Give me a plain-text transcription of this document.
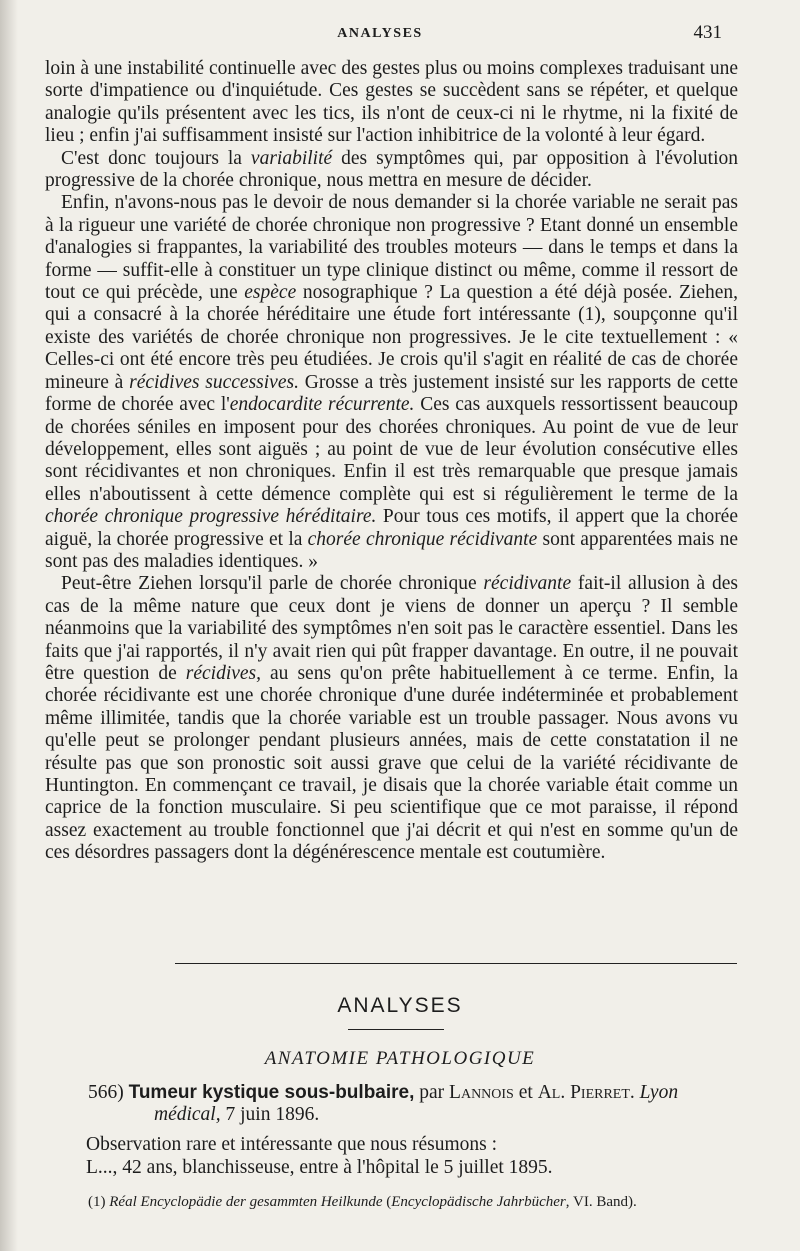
ANALYSES	431

loin à une instabilité continuelle avec des gestes plus ou moins complexes traduisant une sorte d'impatience ou d'inquiétude. Ces gestes se succèdent sans se répéter, et quelque analogie qu'ils présentent avec les tics, ils n'ont de ceux-ci ni le rhytme, ni la fixité de lieu ; enfin j'ai suffisamment insisté sur l'action inhibitrice de la volonté à leur égard.

C'est donc toujours la variabilité des symptômes qui, par opposition à l'évolution progressive de la chorée chronique, nous mettra en mesure de décider.

Enfin, n'avons-nous pas le devoir de nous demander si la chorée variable ne serait pas à la rigueur une variété de chorée chronique non progressive ? Etant donné un ensemble d'analogies si frappantes, la variabilité des troubles moteurs — dans le temps et dans la forme — suffit-elle à constituer un type clinique distinct ou même, comme il ressort de tout ce qui précède, une espèce nosographique ? La question a été déjà posée. Ziehen, qui a consacré à la chorée héréditaire une étude fort intéressante (1), soupçonne qu'il existe des variétés de chorée chronique non progressives. Je le cite textuellement : « Celles-ci ont été encore très peu étudiées. Je crois qu'il s'agit en réalité de cas de chorée mineure à récidives successives. Grosse a très justement insisté sur les rapports de cette forme de chorée avec l'endocardite récurrente. Ces cas auxquels ressortissent beaucoup de chorées séniles en imposent pour des chorées chroniques. Au point de vue de leur développement, elles sont aiguës ; au point de vue de leur évolution consécutive elles sont récidivantes et non chroniques. Enfin il est très remarquable que presque jamais elles n'aboutissent à cette démence complète qui est si régulièrement le terme de la chorée chronique progressive héréditaire. Pour tous ces motifs, il appert que la chorée aiguë, la chorée progressive et la chorée chronique récidivante sont apparentées mais ne sont pas des maladies identiques. »

Peut-être Ziehen lorsqu'il parle de chorée chronique récidivante fait-il allusion à des cas de la même nature que ceux dont je viens de donner un aperçu ? Il semble néanmoins que la variabilité des symptômes n'en soit pas le caractère essentiel. Dans les faits que j'ai rapportés, il n'y avait rien qui pût frapper davantage. En outre, il ne pouvait être question de récidives, au sens qu'on prête habituellement à ce terme. Enfin, la chorée récidivante est une chorée chronique d'une durée indéterminée et probablement même illimitée, tandis que la chorée variable est un trouble passager. Nous avons vu qu'elle peut se prolonger pendant plusieurs années, mais de cette constatation il ne résulte pas que son pronostic soit aussi grave que celui de la variété récidivante de Huntington. En commençant ce travail, je disais que la chorée variable était comme un caprice de la fonction musculaire. Si peu scientifique que ce mot paraisse, il répond assez exactement au trouble fonctionnel que j'ai décrit et qui n'est en somme qu'un de ces désordres passagers dont la dégénérescence mentale est coutumière.

ANALYSES
ANATOMIE PATHOLOGIQUE
566) Tumeur kystique sous-bulbaire, par Lannois et Al. Pierret. Lyon
médical, 7 juin 1896.

Observation rare et intéressante que nous résumons :

L..., 42 ans, blanchisseuse, entre à l'hôpital le 5 juillet 1895.

(1) Réal Encyclopädie der gesammten Heilkunde (Encyclopädische Jahrbücher, VI. Band).
